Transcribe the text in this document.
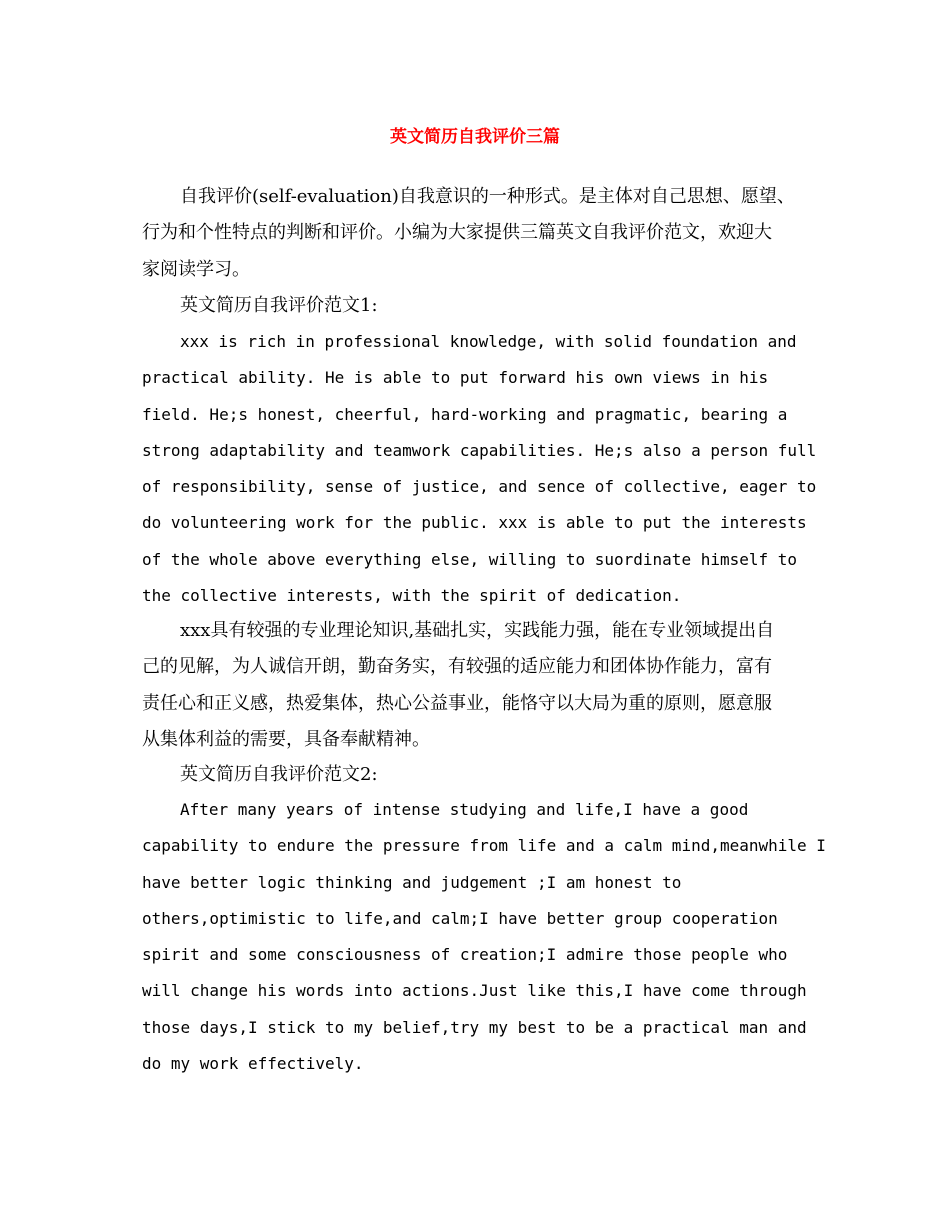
英文简历自我评价三篇

自我评价(self-evaluation)自我意识的一种形式。是主体对自己思想、愿望、
行为和个性特点的判断和评价。小编为大家提供三篇英文自我评价范文，欢迎大
家阅读学习。

英文简历自我评价范文1:

xxx is rich in professional knowledge, with solid foundation and
practical ability. He is able to put forward his own views in his
field. He;s honest, cheerful, hard-working and pragmatic, bearing a
strong adaptability and teamwork capabilities. He;s also a person full
of responsibility, sense of justice, and sence of collective, eager to
do volunteering work for the public. xxx is able to put the interests
of the whole above everything else, willing to suordinate himself to
the collective interests, with the spirit of dedication.

xxx具有较强的专业理论知识,基础扎实，实践能力强，能在专业领域提出自
己的见解，为人诚信开朗，勤奋务实，有较强的适应能力和团体协作能力，富有
责任心和正义感，热爱集体，热心公益事业，能恪守以大局为重的原则，愿意服
从集体利益的需要，具备奉献精神。

英文简历自我评价范文2:

After many years of intense studying and life,I have a good
capability to endure the pressure from life and a calm mind,meanwhile I
have better logic thinking and judgement ;I am honest to
others,optimistic to life,and calm;I have better group cooperation
spirit and some consciousness of creation;I admire those people who
will change his words into actions.Just like this,I have come through
those days,I stick to my belief,try my best to be a practical man and
do my work effectively.
